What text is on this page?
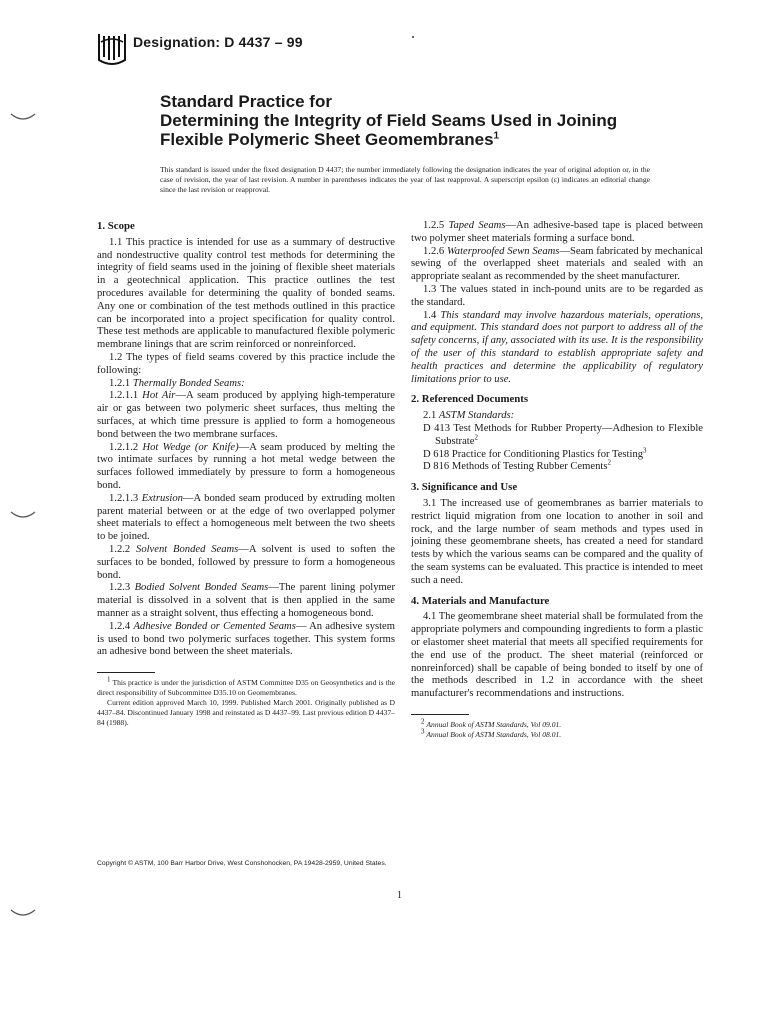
Designation: D 4437 – 99
Standard Practice for
Determining the Integrity of Field Seams Used in Joining
Flexible Polymeric Sheet Geomembranes$^1$
This standard is issued under the fixed designation D 4437; the number immediately following the designation indicates the year of original adoption or, in the case of revision, the year of last revision. A number in parentheses indicates the year of last reapproval. A superscript epsilon (ε) indicates an editorial change since the last revision or reapproval.
1. Scope

1.1 This practice is intended for use as a summary of destructive and nondestructive quality control test methods for determining the integrity of field seams used in the joining of flexible sheet materials in a geotechnical application. This practice outlines the test procedures available for determining the quality of bonded seams. Any one or combination of the test methods outlined in this practice can be incorporated into a project specification for quality control. These test methods are applicable to manufactured flexible polymeric membrane linings that are scrim reinforced or nonreinforced.

1.2 The types of field seams covered by this practice include the following:

1.2.1 Thermally Bonded Seams:

1.2.1.1 Hot Air—A seam produced by applying high-temperature air or gas between two polymeric sheet surfaces, thus melting the surfaces, at which time pressure is applied to form a homogeneous bond between the two membrane surfaces.

1.2.1.2 Hot Wedge (or Knife)—A seam produced by melting the two intimate surfaces by running a hot metal wedge between the surfaces followed immediately by pressure to form a homogeneous bond.

1.2.1.3 Extrusion—A bonded seam produced by extruding molten parent material between or at the edge of two overlapped polymer sheet materials to effect a homogeneous melt between the two sheets to be joined.

1.2.2 Solvent Bonded Seams—A solvent is used to soften the surfaces to be bonded, followed by pressure to form a homogeneous bond.

1.2.3 Bodied Solvent Bonded Seams—The parent lining polymer material is dissolved in a solvent that is then applied in the same manner as a straight solvent, thus effecting a homogeneous bond.

1.2.4 Adhesive Bonded or Cemented Seams— An adhesive system is used to bond two polymeric surfaces together. This system forms an adhesive bond between the sheet materials.

$^1$ This practice is under the jurisdiction of ASTM Committee D35 on Geosynthetics and is the direct responsibility of Subcommittee D35.10 on Geomembranes.
Current edition approved March 10, 1999. Published March 2001. Originally published as D 4437–84. Discontinued January 1998 and reinstated as D 4437–99. Last previous edition D 4437–84 (1988).

1.2.5 Taped Seams—An adhesive-based tape is placed between two polymer sheet materials forming a surface bond.

1.2.6 Waterproofed Sewn Seams—Seam fabricated by mechanical sewing of the overlapped sheet materials and sealed with an appropriate sealant as recommended by the sheet manufacturer.

1.3 The values stated in inch-pound units are to be regarded as the standard.

1.4 This standard may involve hazardous materials, operations, and equipment. This standard does not purport to address all of the safety concerns, if any, associated with its use. It is the responsibility of the user of this standard to establish appropriate safety and health practices and determine the applicability of regulatory limitations prior to use.

2. Referenced Documents

2.1 ASTM Standards:

D 413 Test Methods for Rubber Property—Adhesion to Flexible Substrate$^2$

D 618 Practice for Conditioning Plastics for Testing$^3$

D 816 Methods of Testing Rubber Cements$^2$

3. Significance and Use

3.1 The increased use of geomembranes as barrier materials to restrict liquid migration from one location to another in soil and rock, and the large number of seam methods and types used in joining these geomembrane sheets, has created a need for standard tests by which the various seams can be compared and the quality of the seam systems can be evaluated. This practice is intended to meet such a need.

4. Materials and Manufacture

4.1 The geomembrane sheet material shall be formulated from the appropriate polymers and compounding ingredients to form a plastic or elastomer sheet material that meets all specified requirements for the end use of the product. The sheet material (reinforced or nonreinforced) shall be capable of being bonded to itself by one of the methods described in 1.2 in accordance with the sheet manufacturer's recommendations and instructions.

$^2$ Annual Book of ASTM Standards, Vol 09.01.
$^3$ Annual Book of ASTM Standards, Vol 08.01.
Copyright © ASTM, 100 Barr Harbor Drive, West Conshohocken, PA 19428-2959, United States.
1
